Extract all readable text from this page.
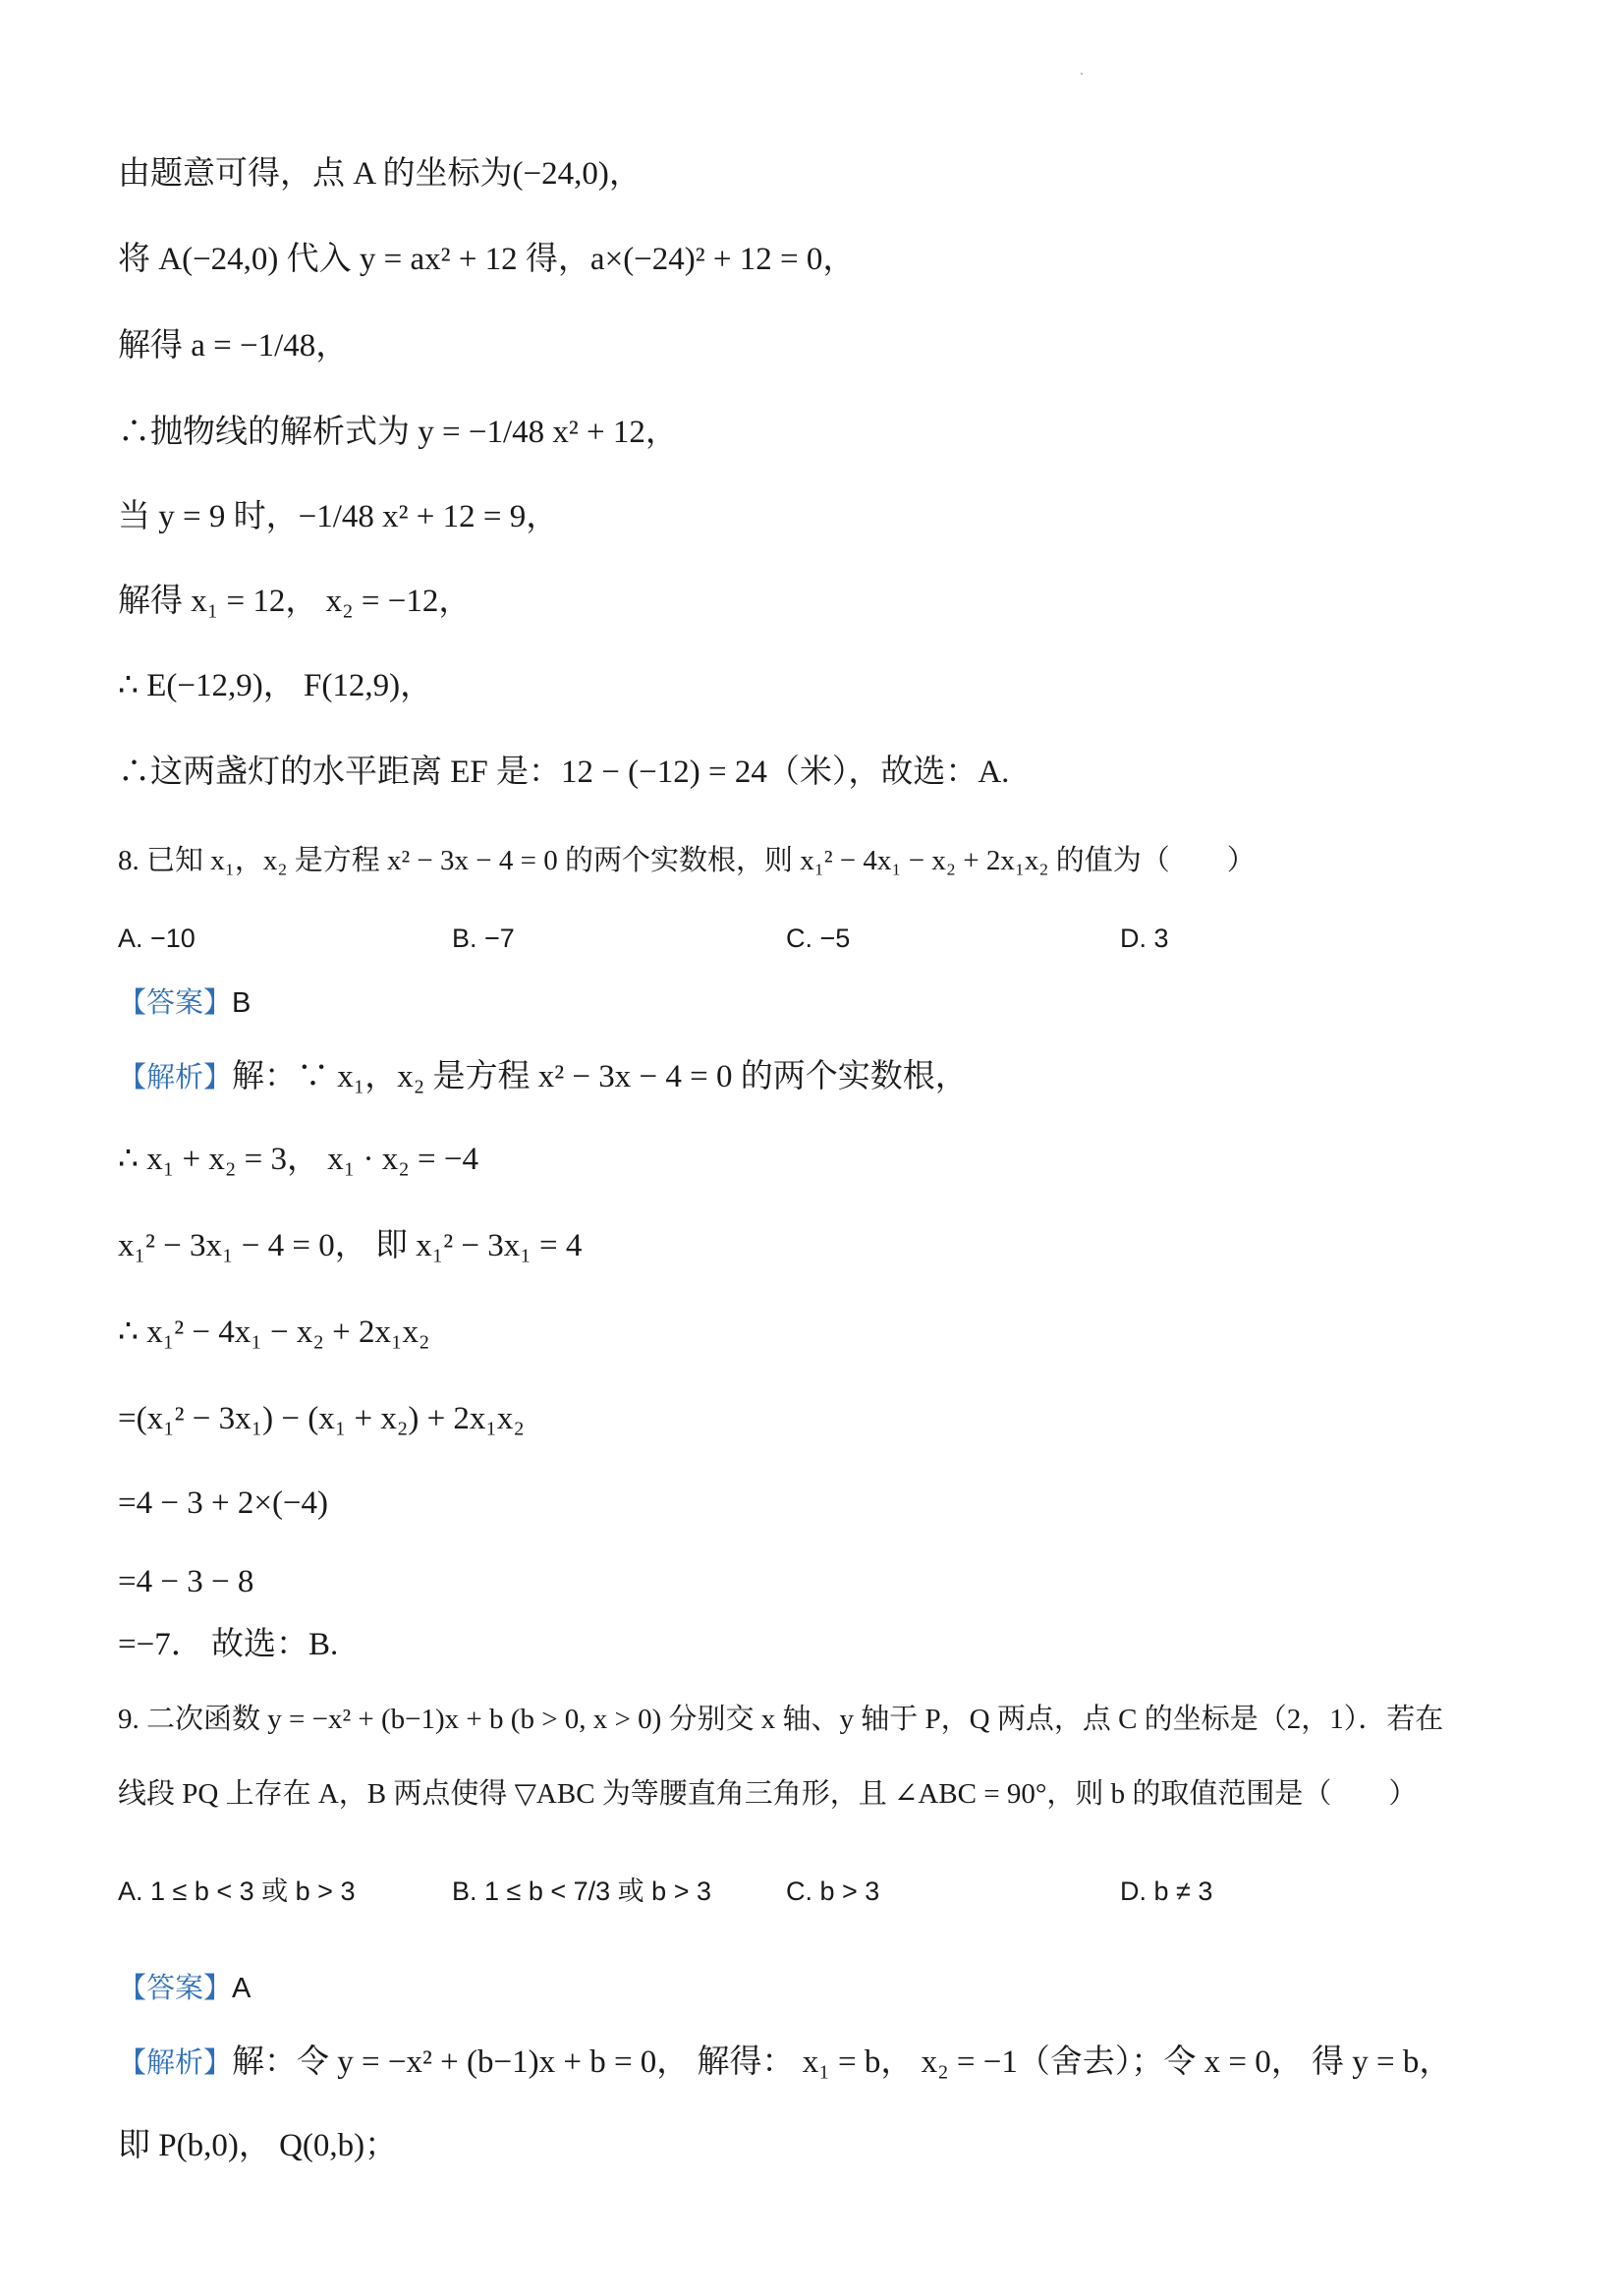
由题意可得，点 A 的坐标为(−24,0)，
将 A(−24,0) 代入 y = ax² + 12 得，a×(−24)² + 12 = 0，
解得 a = −1/48，
∴抛物线的解析式为 y = −1/48 x² + 12，
当 y = 9 时，−1/48 x² + 12 = 9，
解得 x₁ = 12， x₂ = −12，
∴ E(−12,9)， F(12,9)，
∴这两盏灯的水平距离 EF 是：12 − (−12) = 24（米），故选：A.
8. 已知 x₁，x₂ 是方程 x² − 3x − 4 = 0 的两个实数根，则 x₁² − 4x₁ − x₂ + 2x₁x₂ 的值为（　　）
A. −10	B. −7	C. −5	D. 3
【答案】B
【解析】解：∵ x₁，x₂ 是方程 x² − 3x − 4 = 0 的两个实数根，
∴ x₁ + x₂ = 3， x₁ · x₂ = −4
x₁² − 3x₁ − 4 = 0， 即 x₁² − 3x₁ = 4
∴ x₁² − 4x₁ − x₂ + 2x₁x₂
=(x₁² − 3x₁) − (x₁ + x₂) + 2x₁x₂
=4 − 3 + 2×(−4)
=4 − 3 − 8
=−7． 故选：B.
9. 二次函数 y = −x² + (b−1)x + b (b > 0, x > 0) 分别交 x 轴、y 轴于 P，Q 两点，点 C 的坐标是（2，1）．若在
线段 PQ 上存在 A，B 两点使得 ▽ABC 为等腰直角三角形，且 ∠ABC = 90°，则 b 的取值范围是（　　）
A. 1 ≤ b < 3 或 b > 3	B. 1 ≤ b < 7/3 或 b > 3	C. b > 3	D. b ≠ 3
【答案】A
【解析】解：令 y = −x² + (b−1)x + b = 0， 解得： x₁ = b， x₂ = −1（舍去）；令 x = 0， 得 y = b，
即 P(b,0)， Q(0,b)；
